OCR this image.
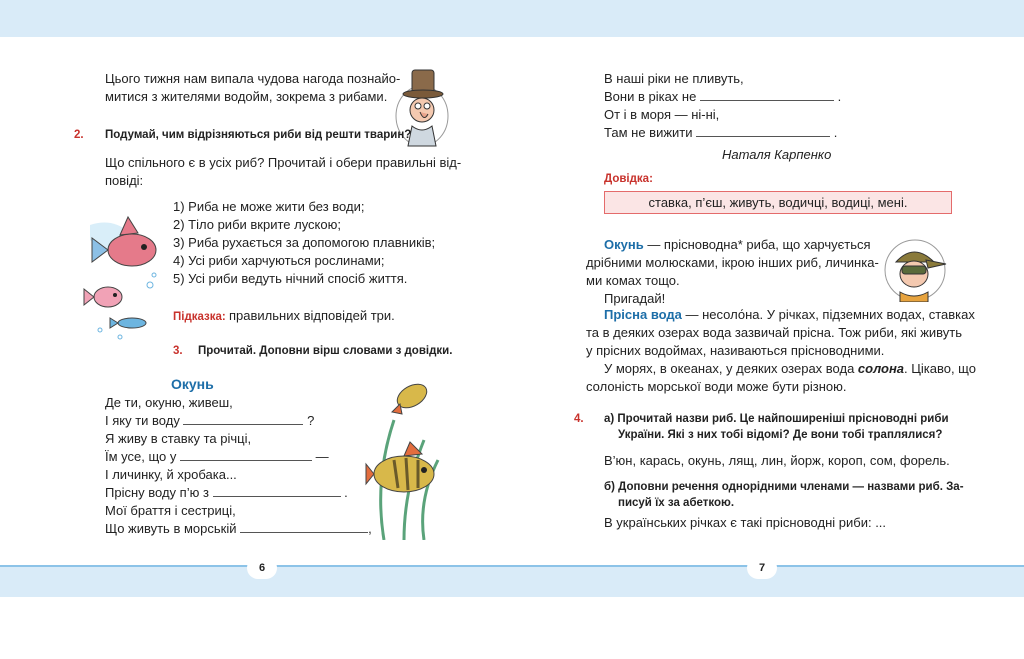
Цього тижня нам випала чудова нагода познайо-
митися з жителями водойм, зокрема з рибами.
2. Подумай, чим відрізняються риби від решти тварин?
Що спільного є в усіх риб? Прочитай і обери правильні від-
повіді:
1) Риба не може жити без води;
2) Тіло риби вкрите лускою;
3) Риба рухається за допомогою плавників;
4) Усі риби харчуються рослинами;
5) Усі риби ведуть нічний спосіб життя.
Підказка: правильних відповідей три.
3. Прочитай. Доповни вірш словами з довідки.
Окунь
Де ти, окуню, живеш,
І яку ти воду	?
Я живу в ставку та річці,
Їм усе, що у	—
І личинку, й хробака...
Прісну воду п’ю з	.
Мої браття і сестриці,
Що живуть в морській	,
6
В наші ріки не пливуть,
Вони в ріках не	.
От і в моря — ні-ні,
Там не вижити	.
Наталя Карпенко
Довідка:
ставка, п’єш, живуть, водичці, водиці, мені.
Окунь — прісноводна* риба, що харчується
дрібними молюсками, ікрою інших риб, личинка-
ми комах тощо.
Пригадай!
Прісна вода — несоло́на. У річках, підземних водах, ставках
та в деяких озерах вода зазвичай прісна. Тож риби, які живуть
у прісних водоймах, називаються прісноводними.
У морях, в океанах, у деяких озерах вода солона. Цікаво, що
солоність морської води може бути різною.
4. а) Прочитай назви риб. Це найпоширеніші прісноводні риби
України. Які з них тобі відомі? Де вони тобі траплялися?
В’юн, карась, окунь, лящ, лин, йорж, короп, сом, форель.
б) Доповни речення однорідними членами — назвами риб. За-
писуй їх за абеткою.
В українських річках є такі прісноводні риби: ...
7
